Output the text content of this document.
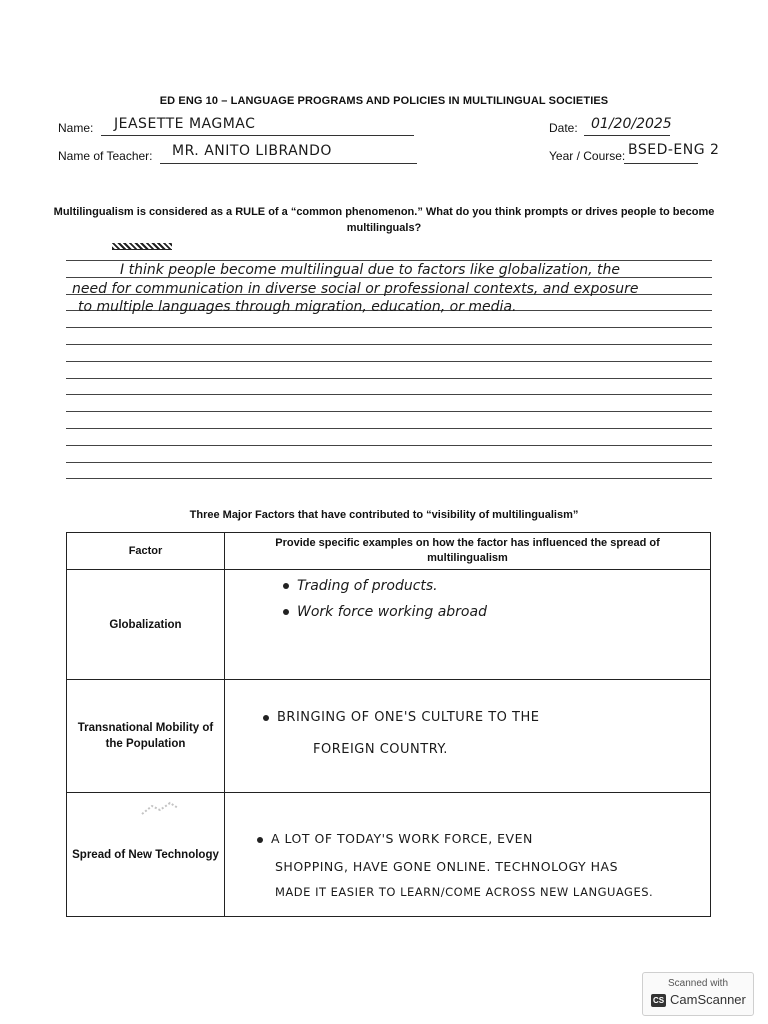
ED ENG 10 – LANGUAGE PROGRAMS AND POLICIES IN MULTILINGUAL SOCIETIES
Name: JEASETTE MAGMAC	Date: 01/20/2025
Name of Teacher: MR. ANITO LIBRANDO	Year / Course: BSED-ENG 2
Multilingualism is considered as a RULE of a “common phenomenon.” What do you think prompts or drives people to become multilinguals?
I think people become multilingual due to factors like globalization, the
need for communication in diverse social or professional contexts, and exposure
to multiple languages through migration, education, or media.
Three Major Factors that have contributed to “visibility of multilingualism”
Factor	Provide specific examples on how the factor has influenced the spread of multilingualism
Globalization	Trading of products.
Work force working abroad

Transnational Mobility of the Population	BRINGING OF ONE'S CULTURE TO THE
FOREIGN COUNTRY.

Spread of New Technology	A LOT OF TODAY'S WORK FORCE, EVEN
SHOPPING, HAVE GONE ONLINE. TECHNOLOGY HAS
MADE IT EASIER TO LEARN/COME ACROSS NEW LANGUAGES.
Scanned with
CS CamScanner
